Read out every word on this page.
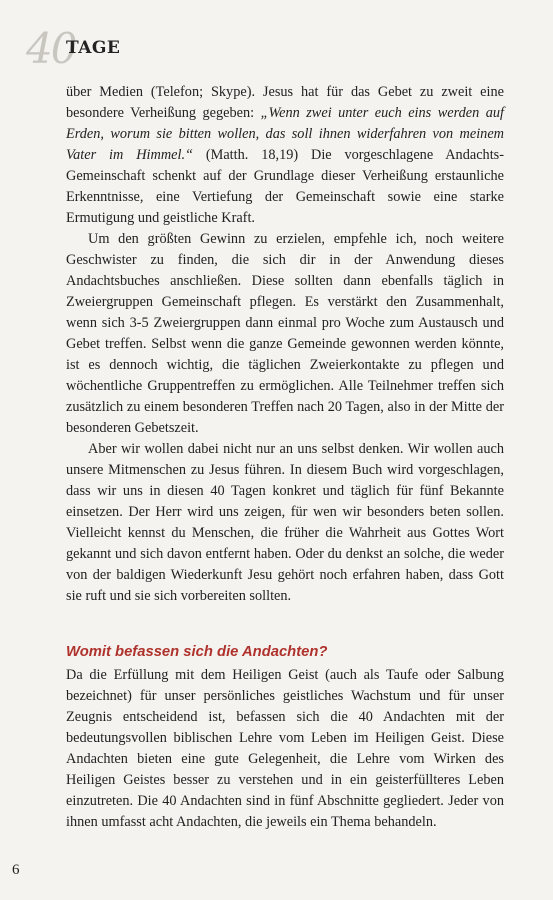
40
TAGE

über Medien (Telefon; Skype). Jesus hat für das Gebet zu zweit eine besondere Verheißung gegeben: „Wenn zwei unter euch eins werden auf Erden, worum sie bitten wollen, das soll ihnen widerfahren von meinem Vater im Himmel.“ (Matth. 18,19) Die vorgeschlagene Andachts-Gemeinschaft schenkt auf der Grundlage dieser Verheißung erstaunliche Erkenntnisse, eine Vertiefung der Gemeinschaft sowie eine starke Ermutigung und geistliche Kraft.

Um den größten Gewinn zu erzielen, empfehle ich, noch weitere Geschwister zu finden, die sich dir in der Anwendung dieses Andachtsbuches anschließen. Diese sollten dann ebenfalls täglich in Zweiergruppen Gemeinschaft pflegen. Es verstärkt den Zusammenhalt, wenn sich 3-5 Zweiergruppen dann einmal pro Woche zum Austausch und Gebet treffen. Selbst wenn die ganze Gemeinde gewonnen werden könnte, ist es dennoch wichtig, die täglichen Zweierkontakte zu pflegen und wöchentliche Gruppentreffen zu ermöglichen. Alle Teilnehmer treffen sich zusätzlich zu einem besonderen Treffen nach 20 Tagen, also in der Mitte der besonderen Gebetszeit.

Aber wir wollen dabei nicht nur an uns selbst denken. Wir wollen auch unsere Mitmenschen zu Jesus führen. In diesem Buch wird vorgeschlagen, dass wir uns in diesen 40 Tagen konkret und täglich für fünf Bekannte einsetzen. Der Herr wird uns zeigen, für wen wir besonders beten sollen. Vielleicht kennst du Menschen, die früher die Wahrheit aus Gottes Wort gekannt und sich davon entfernt haben. Oder du denkst an solche, die weder von der baldigen Wiederkunft Jesu gehört noch erfahren haben, dass Gott sie ruft und sie sich vorbereiten sollten.

Womit befassen sich die Andachten?

Da die Erfüllung mit dem Heiligen Geist (auch als Taufe oder Salbung bezeichnet) für unser persönliches geistliches Wachstum und für unser Zeugnis entscheidend ist, befassen sich die 40 Andachten mit der bedeutungsvollen biblischen Lehre vom Leben im Heiligen Geist. Diese Andachten bieten eine gute Gelegenheit, die Lehre vom Wirken des Heiligen Geistes besser zu verstehen und in ein geisterfüllteres Leben einzutreten. Die 40 Andachten sind in fünf Abschnitte gegliedert. Jeder von ihnen umfasst acht Andachten, die jeweils ein Thema behandeln.

6
